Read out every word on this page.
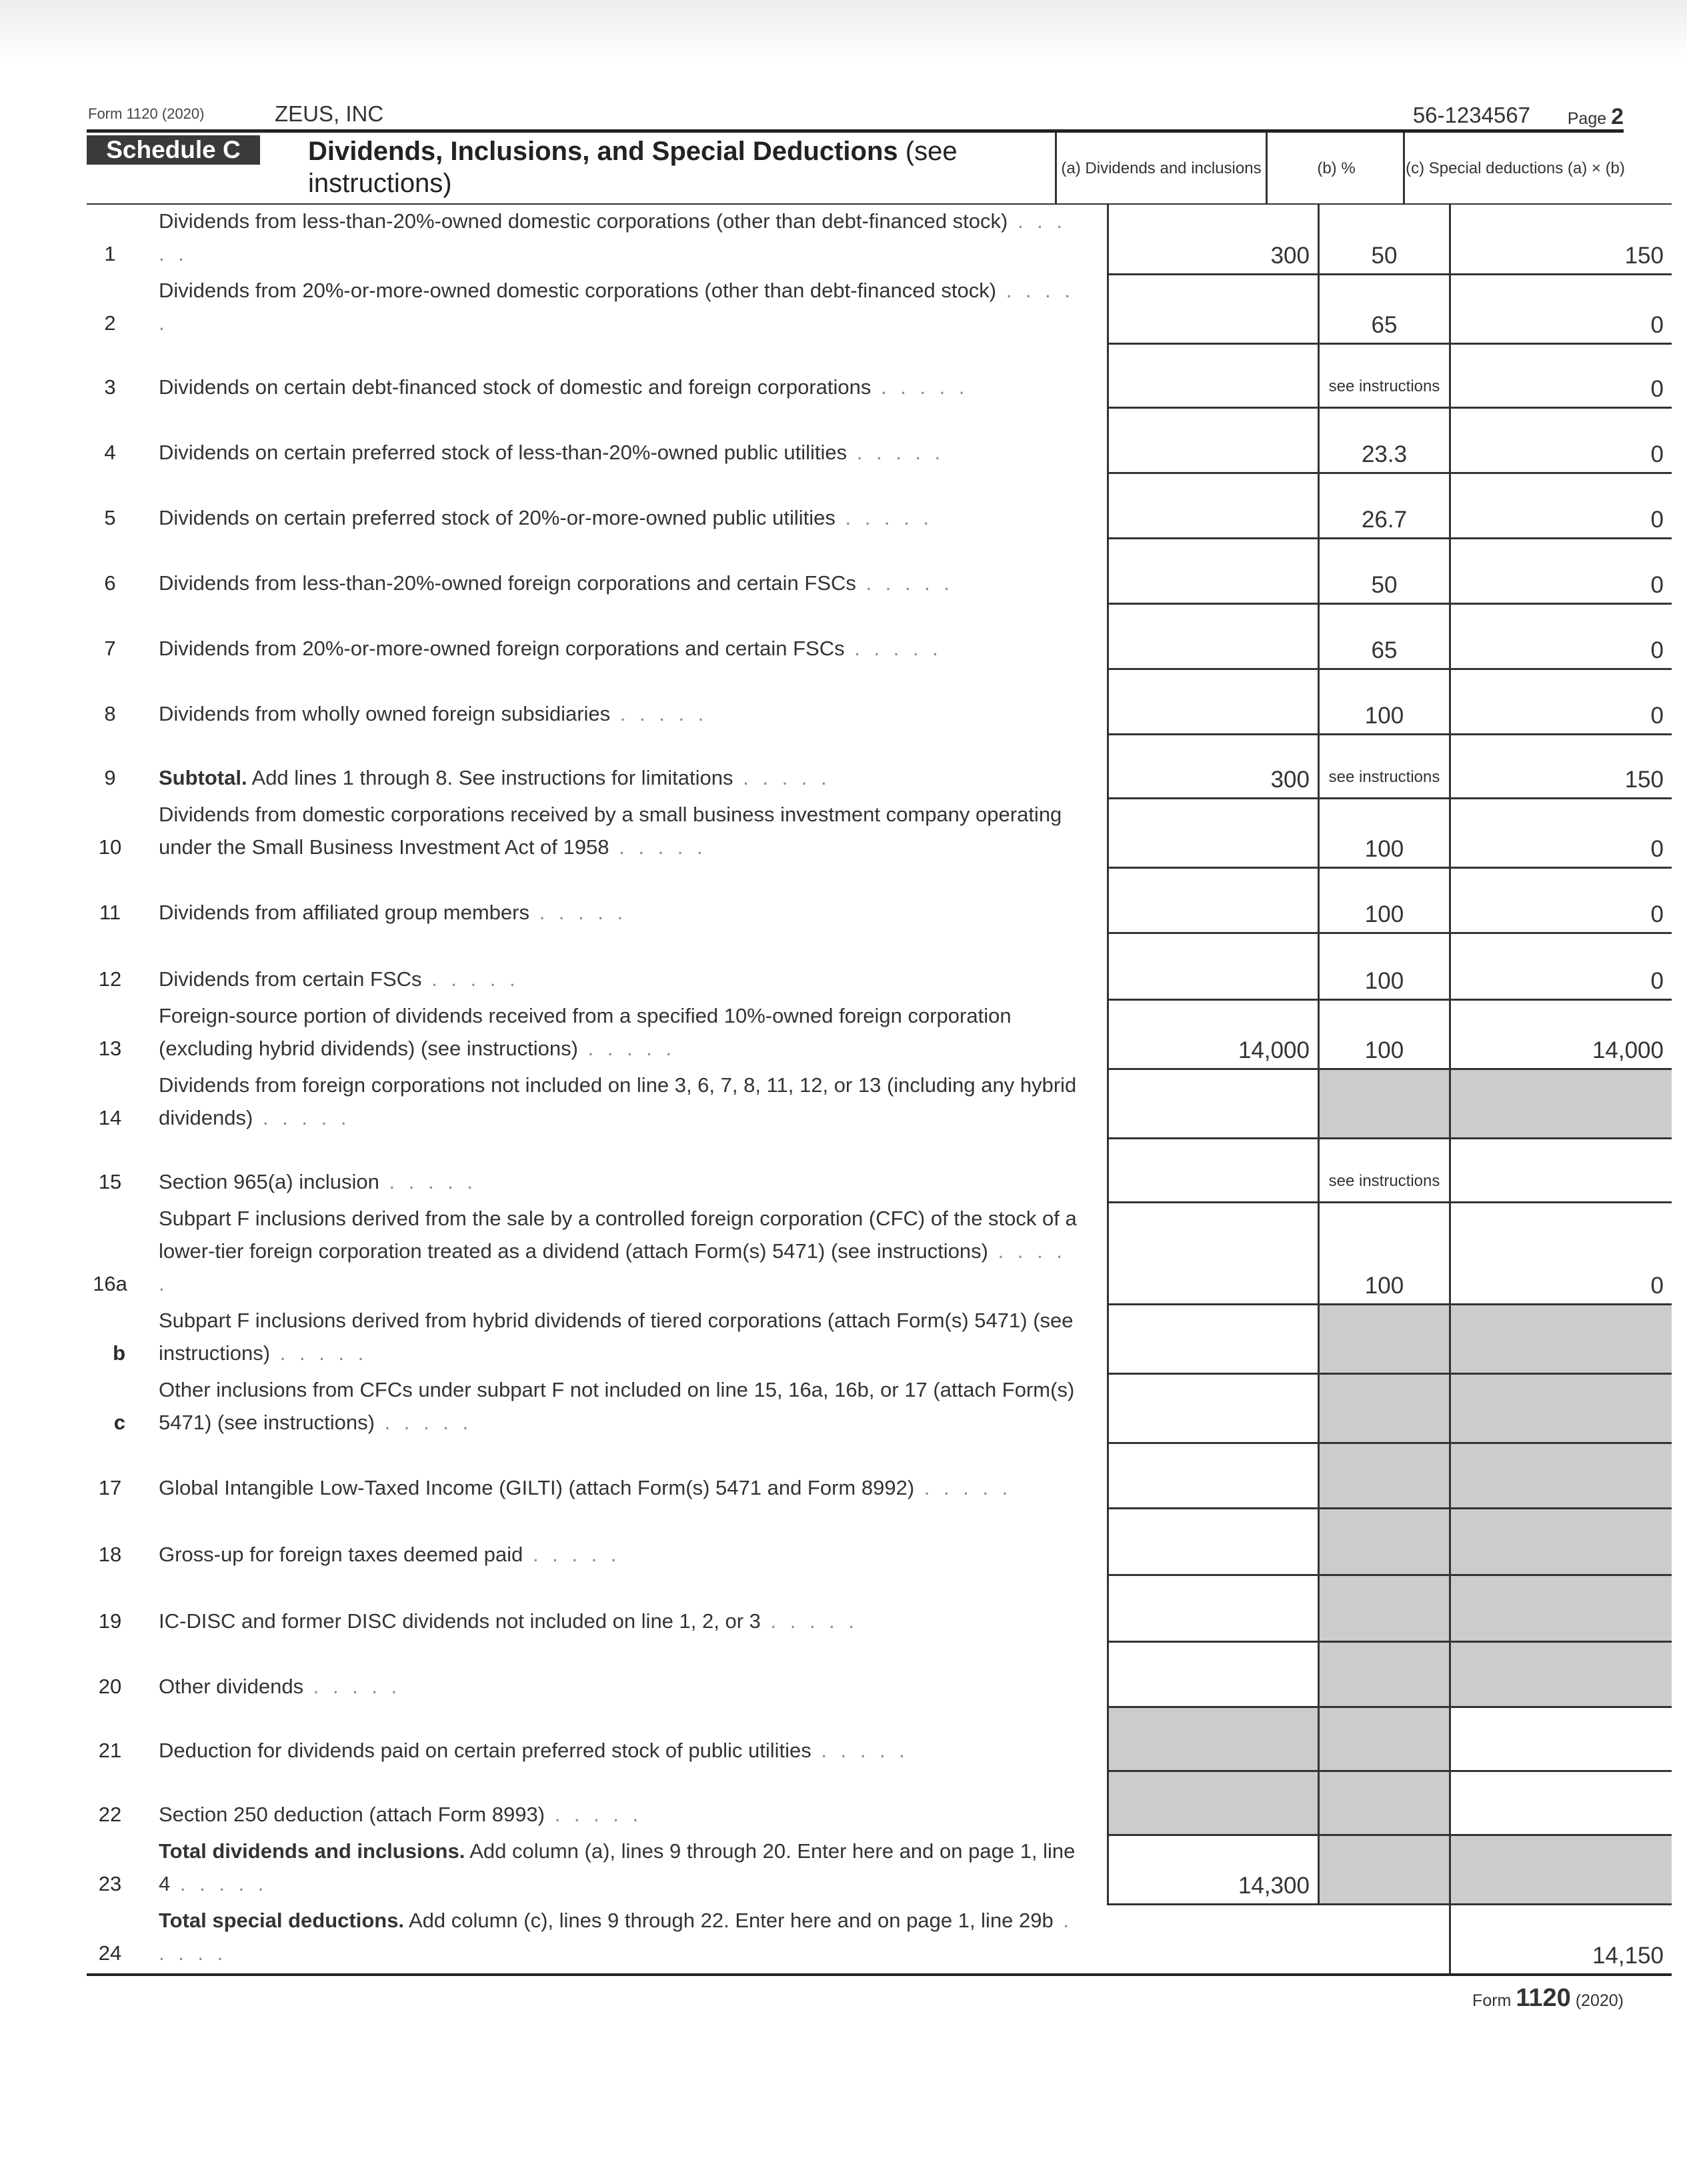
Form 1120 (2020)	ZEUS, INC	56-1234567 Page 2
Schedule C	Dividends, Inclusions, and Special Deductions (see instructions)
(a) Dividends and inclusions	(b) %	(c) Special deductions (a) × (b)
1	Dividends from less-than-20%-owned domestic corporations (other than debt-financed stock) . . . . .	300	50	150
2	Dividends from 20%-or-more-owned domestic corporations (other than debt-financed stock) . . . . .		65	0
3	Dividends on certain debt-financed stock of domestic and foreign corporations . . . . .		see instructions	0
4	Dividends on certain preferred stock of less-than-20%-owned public utilities . . . . .		23.3	0
5	Dividends on certain preferred stock of 20%-or-more-owned public utilities . . . . .		26.7	0
6	Dividends from less-than-20%-owned foreign corporations and certain FSCs . . . . .		50	0
7	Dividends from 20%-or-more-owned foreign corporations and certain FSCs . . . . .		65	0
8	Dividends from wholly owned foreign subsidiaries . . . . .		100	0
9	Subtotal. Add lines 1 through 8. See instructions for limitations . . . . .	300	see instructions	150
10	Dividends from domestic corporations received by a small business investment company operating under the Small Business Investment Act of 1958 . . . . .		100	0
11	Dividends from affiliated group members . . . . .		100	0
12	Dividends from certain FSCs . . . . .		100	0
13	Foreign-source portion of dividends received from a specified 10%-owned foreign corporation (excluding hybrid dividends) (see instructions) . . . . .	14,000	100	14,000
14	Dividends from foreign corporations not included on line 3, 6, 7, 8, 11, 12, or 13 (including any hybrid dividends) . . . . .			
15	Section 965(a) inclusion . . . . .		see instructions	

16a	Subpart F inclusions derived from the sale by a controlled foreign corporation (CFC) of the stock of a lower-tier foreign corporation treated as a dividend (attach Form(s) 5471) (see instructions) . . . . .		100	0
b	Subpart F inclusions derived from hybrid dividends of tiered corporations (attach Form(s) 5471) (see instructions) . . . . .			
c	Other inclusions from CFCs under subpart F not included on line 15, 16a, 16b, or 17 (attach Form(s) 5471) (see instructions) . . . . .			
17	Global Intangible Low-Taxed Income (GILTI) (attach Form(s) 5471 and Form 8992) . . . . .			
18	Gross-up for foreign taxes deemed paid . . . . .			
19	IC-DISC and former DISC dividends not included on line 1, 2, or 3 . . . . .			
20	Other dividends . . . . .			
21	Deduction for dividends paid on certain preferred stock of public utilities . . . . .			
22	Section 250 deduction (attach Form 8993) . . . . .			
23	Total dividends and inclusions. Add column (a), lines 9 through 20. Enter here and on page 1, line 4 . . . . .	14,300		
24	Total special deductions. Add column (c), lines 9 through 22. Enter here and on page 1, line 29b . . . . .			14,150
Form 1120 (2020)
